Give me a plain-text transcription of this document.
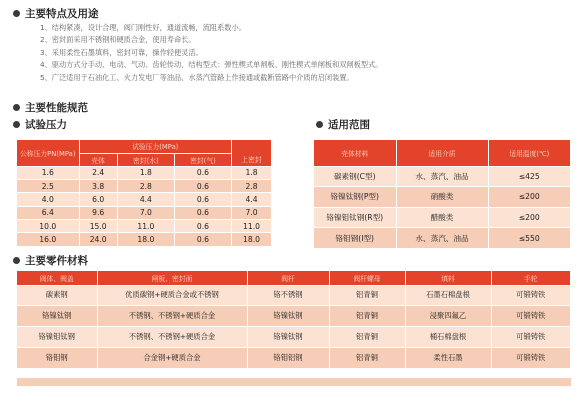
主要特点及用途
1、结构紧凑，设计合理，阀门刚性好，通道流畅，流阻系数小。
2、密封面采用不锈钢和硬质合金，使用寿命长。
3、采用柔性石墨填料，密封可靠，操作轻便灵活。
4、驱动方式分手动、电动、气动、齿轮传动，结构型式：弹性楔式单闸板、刚性楔式单闸板和双闸板型式。
5、广泛适用于石油化工、火力发电厂等油品、水蒸汽管路上作接通或截断管路中介质的启闭装置。
主要性能规范
试验压力	适用范围
公称压力PN(MPa)	试验压力(MPa)			上密封
	壳体	密封(水)	密封(气)	
1.6	2.4	1.8	0.6	1.8
2.5	3.8	2.8	0.6	2.8
4.0	6.0	4.4	0.6	4.4
6.4	9.6	7.0	0.6	7.0
10.0	15.0	11.0	0.6	11.0
16.0	24.0	18.0	0.6	18.0
壳体材料	适用介质	适用温度(℃)
碳素钢(C型)	水、蒸汽、油品	≤425
铬镍钛钢(P型)	硝酸类	≤200
铬镍钼钛钢(R型)	醋酸类	≤200
铬钼钢(I型)	水、蒸汽、油品	≤550
主要零件材料
阀体、阀盖	闸板、密封面	阀杆	阀杆螺母	填料	手轮
碳素钢	优质碳钢+硬质合金或不锈钢	铬不锈钢	铝青铜	石墨石棉盘根	可锻铸铁
铬镍钛钢	不锈钢、不锈钢+硬质合金	铬镍钛钢	铝青铜	浸聚四氟乙	可锻铸铁
铬镍钼钛钢	不锈钢、不锈钢+硬质合金	铬镍钛钢	铝青铜	桶石棉盘根	可锻铸铁
铬钼钢	合金钢+硬质合金	铬钼铝钢	铝青铜	柔性石墨	可锻铸铁
